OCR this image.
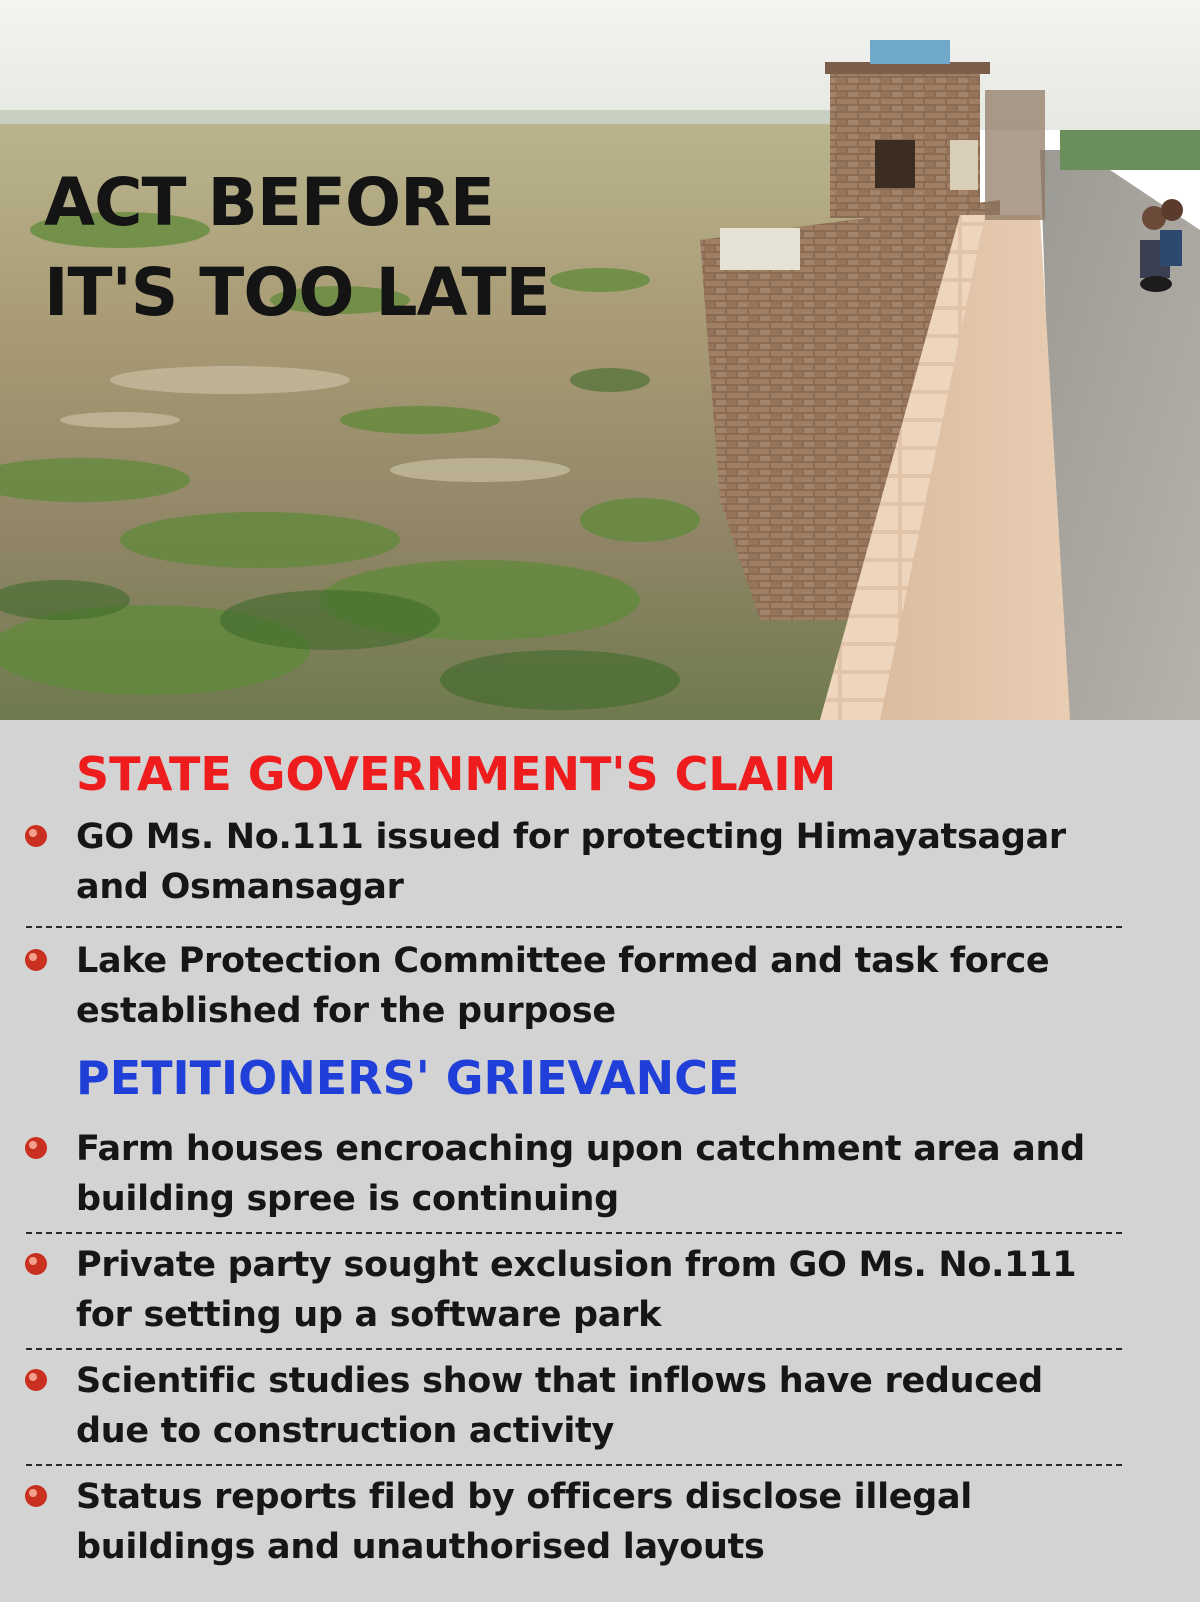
ACT BEFORE
IT'S TOO LATE
STATE GOVERNMENT'S CLAIM
GO Ms. No.111 issued for protecting Himayatsagar and Osmansagar
Lake Protection Committee formed and task force established for the purpose
PETITIONERS' GRIEVANCE
Farm houses encroaching upon catchment area and building spree is continuing
Private party sought exclusion from GO Ms. No.111 for setting up a software park
Scientific studies show that inflows have reduced due to construction activity
Status reports filed by officers disclose illegal buildings and unauthorised layouts
